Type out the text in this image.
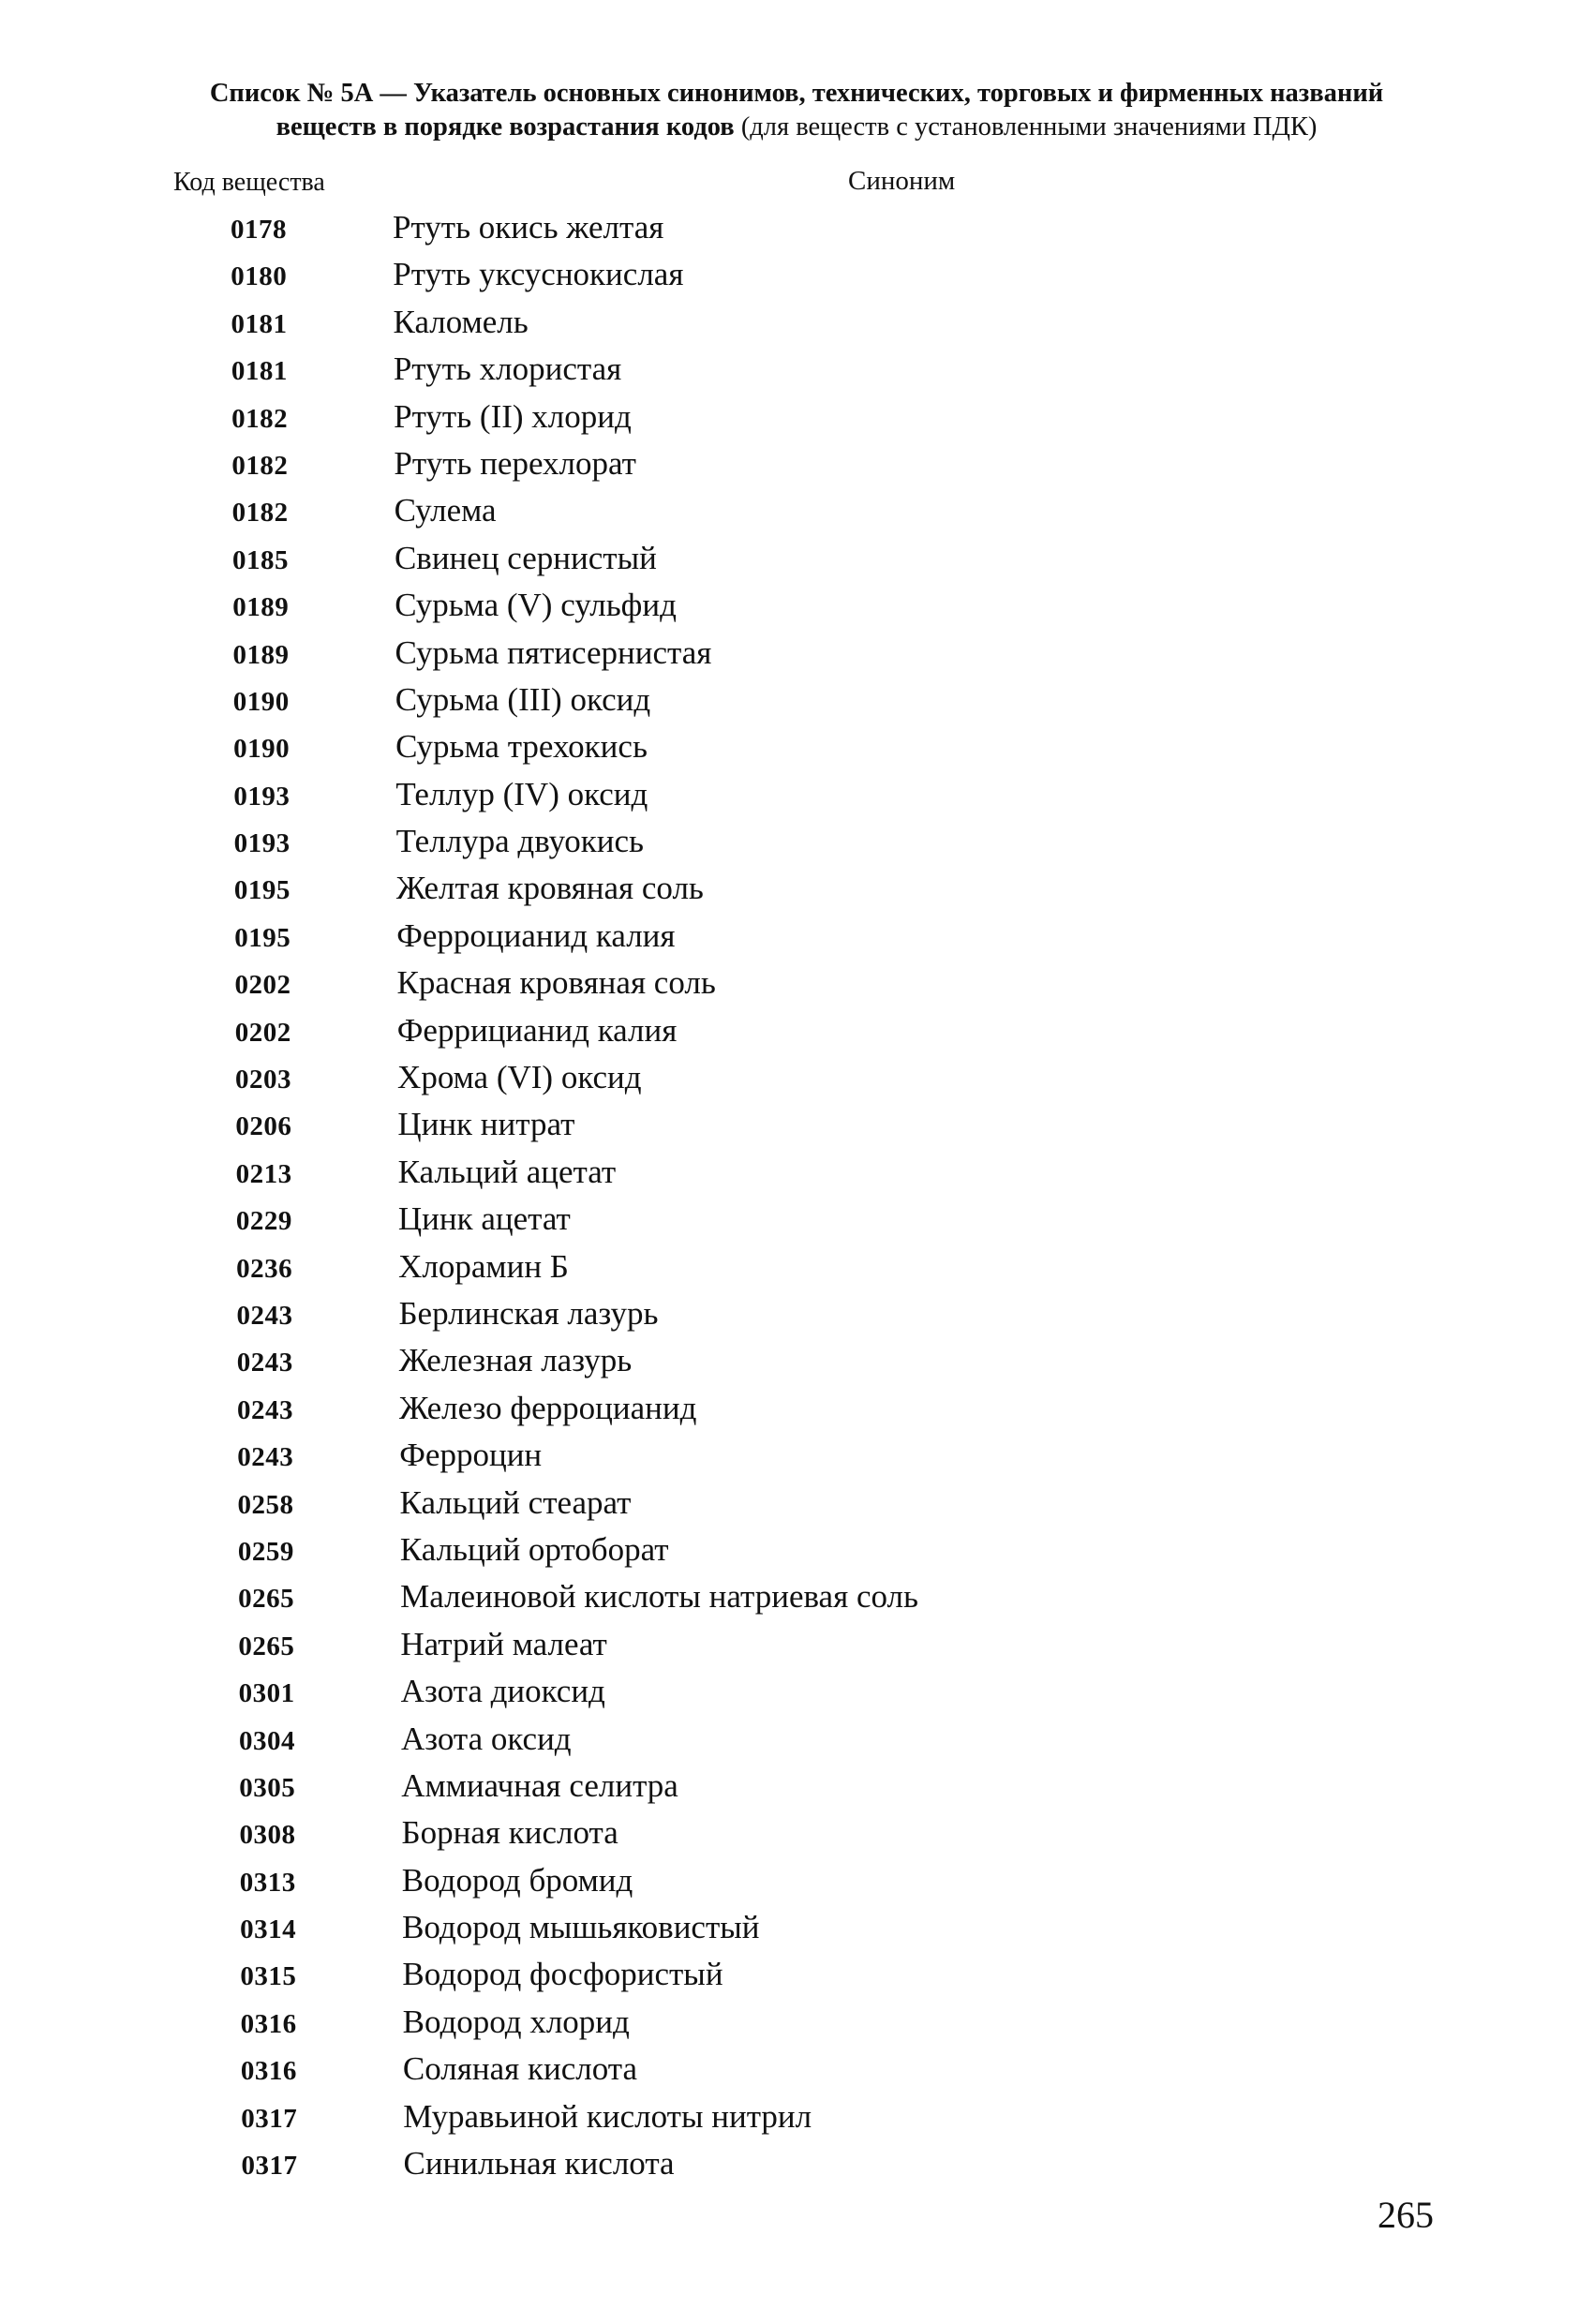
Список № 5А — Указатель основных синонимов, технических, торговых и фирменных названий
веществ в порядке возрастания кодов (для веществ с установленными значениями ПДК)
Код вещества	Синоним
0178	Ртуть окись желтая
0180	Ртуть уксуснокислая
0181	Каломель
0181	Ртуть хлористая
0182	Ртуть (II) хлорид
0182	Ртуть перехлорат
0182	Сулема
0185	Свинец сернистый
0189	Сурьма (V) сульфид
0189	Сурьма пятисернистая
0190	Сурьма (III) оксид
0190	Сурьма трехокись
0193	Теллур (IV) оксид
0193	Теллура двуокись
0195	Желтая кровяная соль
0195	Ферроцианид калия
0202	Красная кровяная соль
0202	Феррицианид калия
0203	Хрома (VI) оксид
0206	Цинк нитрат
0213	Кальций ацетат
0229	Цинк ацетат
0236	Хлорамин Б
0243	Берлинская лазурь
0243	Железная лазурь
0243	Железо ферроцианид
0243	Ферроцин
0258	Кальций стеарат
0259	Кальций ортоборат
0265	Малеиновой кислоты натриевая соль
0265	Натрий малеат
0301	Азота диоксид
0304	Азота оксид
0305	Аммиачная селитра
0308	Борная кислота
0313	Водород бромид
0314	Водород мышьяковистый
0315	Водород фосфористый
0316	Водород хлорид
0316	Соляная кислота
0317	Муравьиной кислоты нитрил
0317	Синильная кислота
265
